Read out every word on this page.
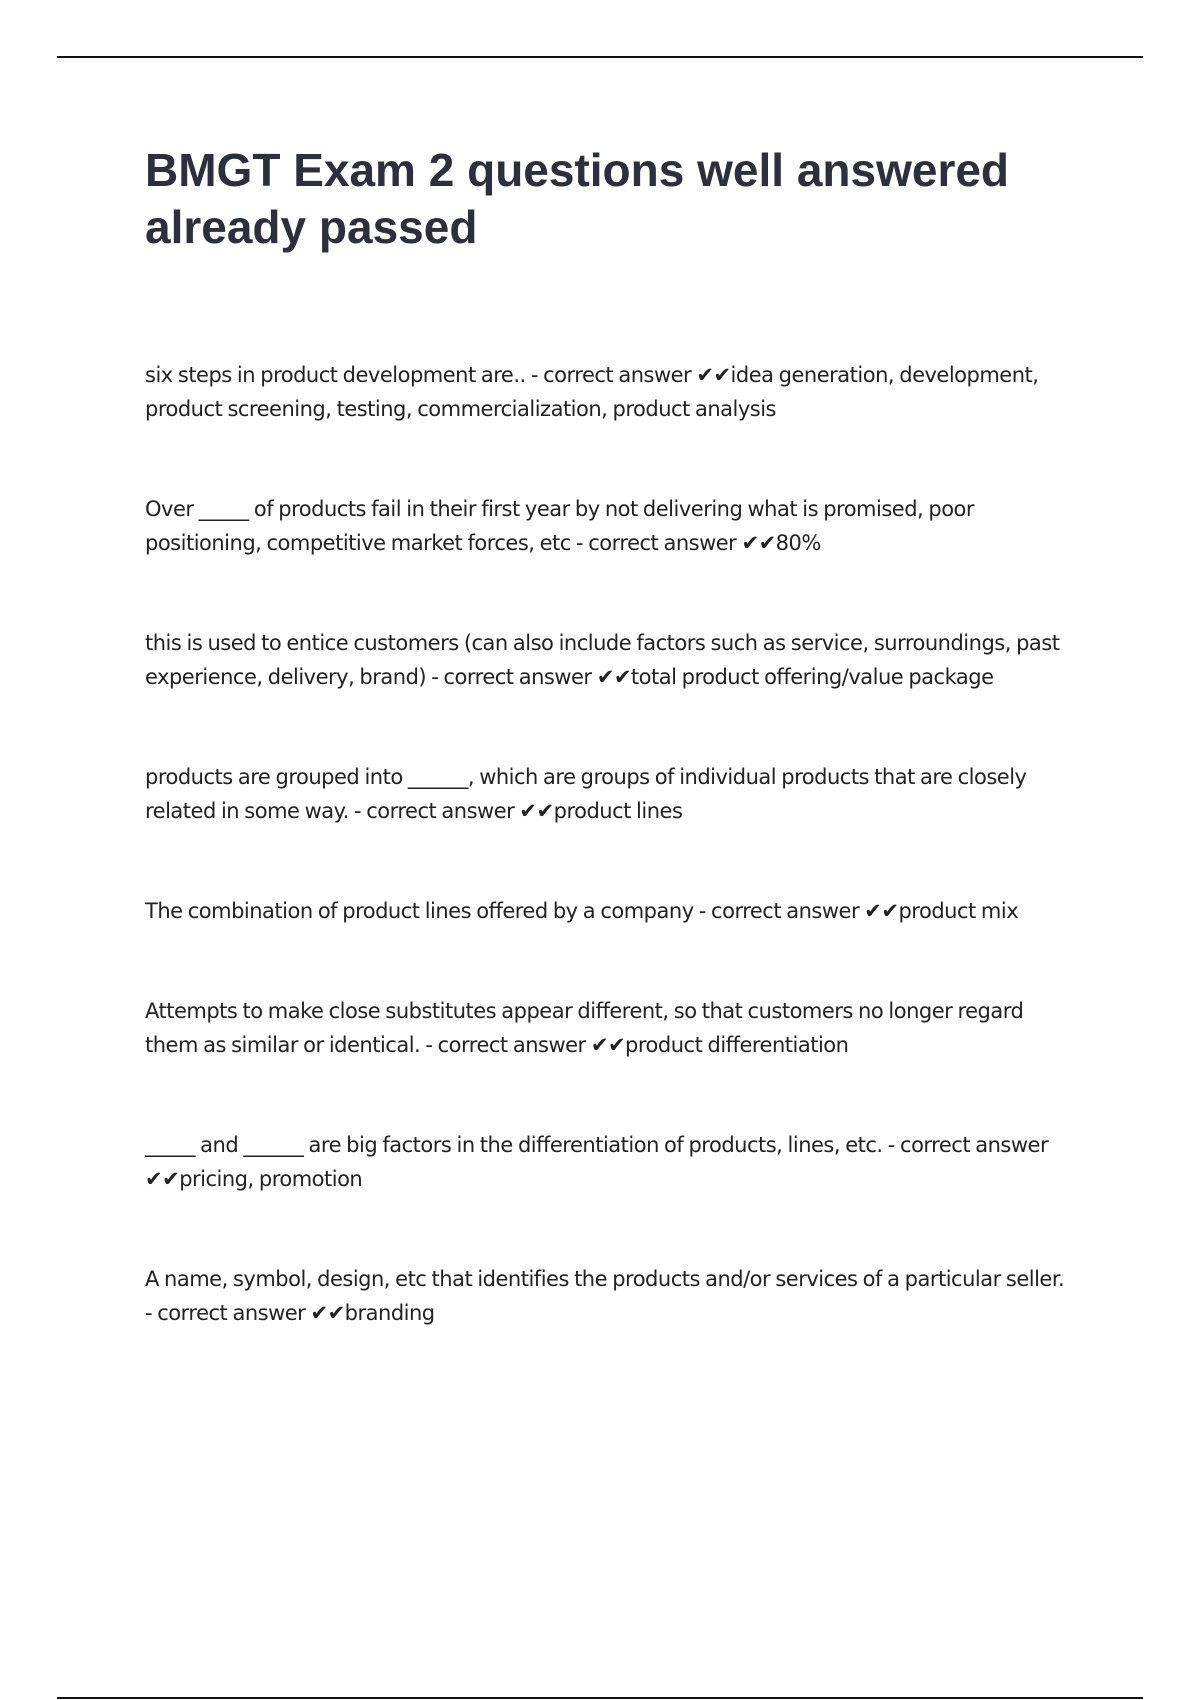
BMGT Exam 2 questions well answered already passed

six steps in product development are.. - correct answer ✔✔idea generation, development, product screening, testing, commercialization, product analysis

Over _____ of products fail in their first year by not delivering what is promised, poor positioning, competitive market forces, etc - correct answer ✔✔80%

this is used to entice customers (can also include factors such as service, surroundings, past experience, delivery, brand) - correct answer ✔✔total product offering/value package

products are grouped into ______, which are groups of individual products that are closely related in some way. - correct answer ✔✔product lines

The combination of product lines offered by a company - correct answer ✔✔product mix

Attempts to make close substitutes appear different, so that customers no longer regard them as similar or identical. - correct answer ✔✔product differentiation

_____ and ______ are big factors in the differentiation of products, lines, etc. - correct answer ✔✔pricing, promotion

A name, symbol, design, etc that identifies the products and/or services of a particular seller. - correct answer ✔✔branding
